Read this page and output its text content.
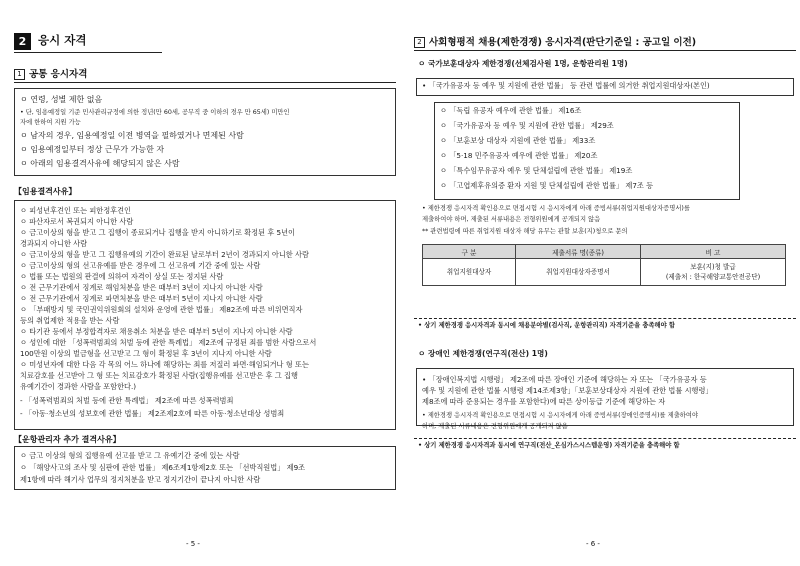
2	응시 자격
1 공통 응시자격
ㅇ 연령, 성별 제한 없음
• 단, 임용예정일 기준 민사관리규정에 의한 정년(만 60세, 공무직 중 이하의 경우 만 65세) 미만인
자에 한하여 지원 가능
ㅇ 남자의 경우, 임용예정일 이전 병역을 필하였거나 면제된 사람
ㅇ 임용예정일부터 정상 근무가 가능한 자
ㅇ 아래의 임용결격사유에 해당되지 않은 사람
【임용결격사유】
ㅇ 피성년후견인 또는 피한정후견인
ㅇ 파산자로서 복권되지 아니한 사람
ㅇ 금고이상의 형을 받고 그 집행이 종료되거나 집행을 받지 아니하기로 확정된 후 5년이
경과되지 아니한 사람
ㅇ 금고이상의 형을 받고 그 집행유예의 기간이 완료된 날로부터 2년이 경과되지 아니한 사람
ㅇ 금고이상의 형의 선고유예를 받은 경우에 그 선고유예 기간 중에 있는 사람
ㅇ 법률 또는 법원의 판결에 의하여 자격이 상실 또는 정지된 사람
ㅇ 전 근무기관에서 징계로 해임처분을 받은 때부터 3년이 지나지 아니한 사람
ㅇ 전 근무기관에서 징계로 파면처분을 받은 때부터 5년이 지나지 아니한 사람
ㅇ 「부패방지 및 국민권익위원회의 설치와 운영에 관한 법률」 제82조에 따른 비위면직자
등의 취업제한 적용을 받는 사람
ㅇ 타기관 등에서 부정합격자로 채용취소 처분을 받은 때부터 5년이 지나지 아니한 사람
ㅇ 성인에 대한 「성폭력범죄의 처벌 등에 관한 특례법」 제2조에 규정된 죄를 범한 사람으로서
100만원 이상의 벌금형을 선고받고 그 형이 확정된 후 3년이 지나지 아니한 사람
ㅇ 미성년자에 대한 다음 각 목의 어느 하나에 해당하는 죄를 저질러 파면·해임되거나 형 또는
치료감호를 선고받아 그 형 또는 치료감호가 확정된 사람(집행유예를 선고받은 후 그 집행
유예기간이 경과한 사람을 포함한다.)
- 「성폭력범죄의 처벌 등에 관한 특례법」 제2조에 따른 성폭력범죄
- 「아동·청소년의 성보호에 관한 법률」 제2조제2호에 따른 아동·청소년대상 성범죄
【운항관리자 추가 결격사유】
ㅇ 금고 이상의 형의 집행유예 선고를 받고 그 유예기간 중에 있는 사람
ㅇ 「해양사고의 조사 및 심판에 관한 법률」 제6조제1항제2호 또는 「선박직원법」 제9조
제1항에 따라 해기사 업무의 정지처분을 받고 정지기간이 끝나지 아니한 사람
- 5 -
2 사회형평적 채용(제한경쟁) 응시자격(판단기준일 : 공고일 이전)
ㅇ 국가보훈대상자 제한경쟁(선체검사원 1명, 운항관리원 1명)
• 「국가유공자 등 예우 및 지원에 관한 법률」 등 관련 법률에 의거한 취업지원대상자(본인)
ㅇ 「독립 유공자 예우에 관한 법률」 제16조
ㅇ 「국가유공자 등 예우 및 지원에 관한 법률」 제29조
ㅇ 「보훈보상 대상자 지원에 관한 법률」 제33조
ㅇ 「5·18 민주유공자 예우에 관한 법률」 제20조
ㅇ 「특수임무유공자 예우 및 단체설립에 관한 법률」 제19조
ㅇ 「고엽제후유의증 환자 지원 및 단체설립에 관한 법률」 제7조 등
• 제한경쟁 응시자격 확인용으로 면접시험 시 응시자에게 아래 증빙서류(취업지원대상자증명서)를
제출하여야 하며, 제출된 서류내용은 전형위원에게 공개되지 않음
** 관련법령에 따른 취업지원 대상자 해당 유무는 관할 보훈(지)청으로 문의
구 분	제출서류 명(종류)	비 고
취업지원대상자	취업지원대상자증명서	보훈(지)청 발급
(제출처 : 한국해양교통안전공단)
• 상기 제한경쟁 응시자격과 동시에 채용분야별(검사직, 운항관리직) 자격기준을 충족해야 함
ㅇ 장애인 제한경쟁(연구직(전산) 1명)
• 「장애인복지법 시행령」 제2조에 따른 장애인 기준에 해당하는 자 또는 「국가유공자 등
예우 및 지원에 관한 법률 시행령 제14조제3항」「보훈보상대상자 지원에 관한 법률 시행령」
제8조에 따라 준용되는 경우를 포함한다)에 따른 상이등급 기준에 해당하는 자
• 제한경쟁 응시자격 확인용으로 면접시험 시 응시자에게 아래 증빙서류(장애인증명서)를 제출하여야
하며, 제출된 서류내용은 전형위원에게 공개되지 않음
• 상기 제한경쟁 응시자격과 동시에 연구직(전산_온심가스시스템운영) 자격기준을 충족해야 함
- 6 -
